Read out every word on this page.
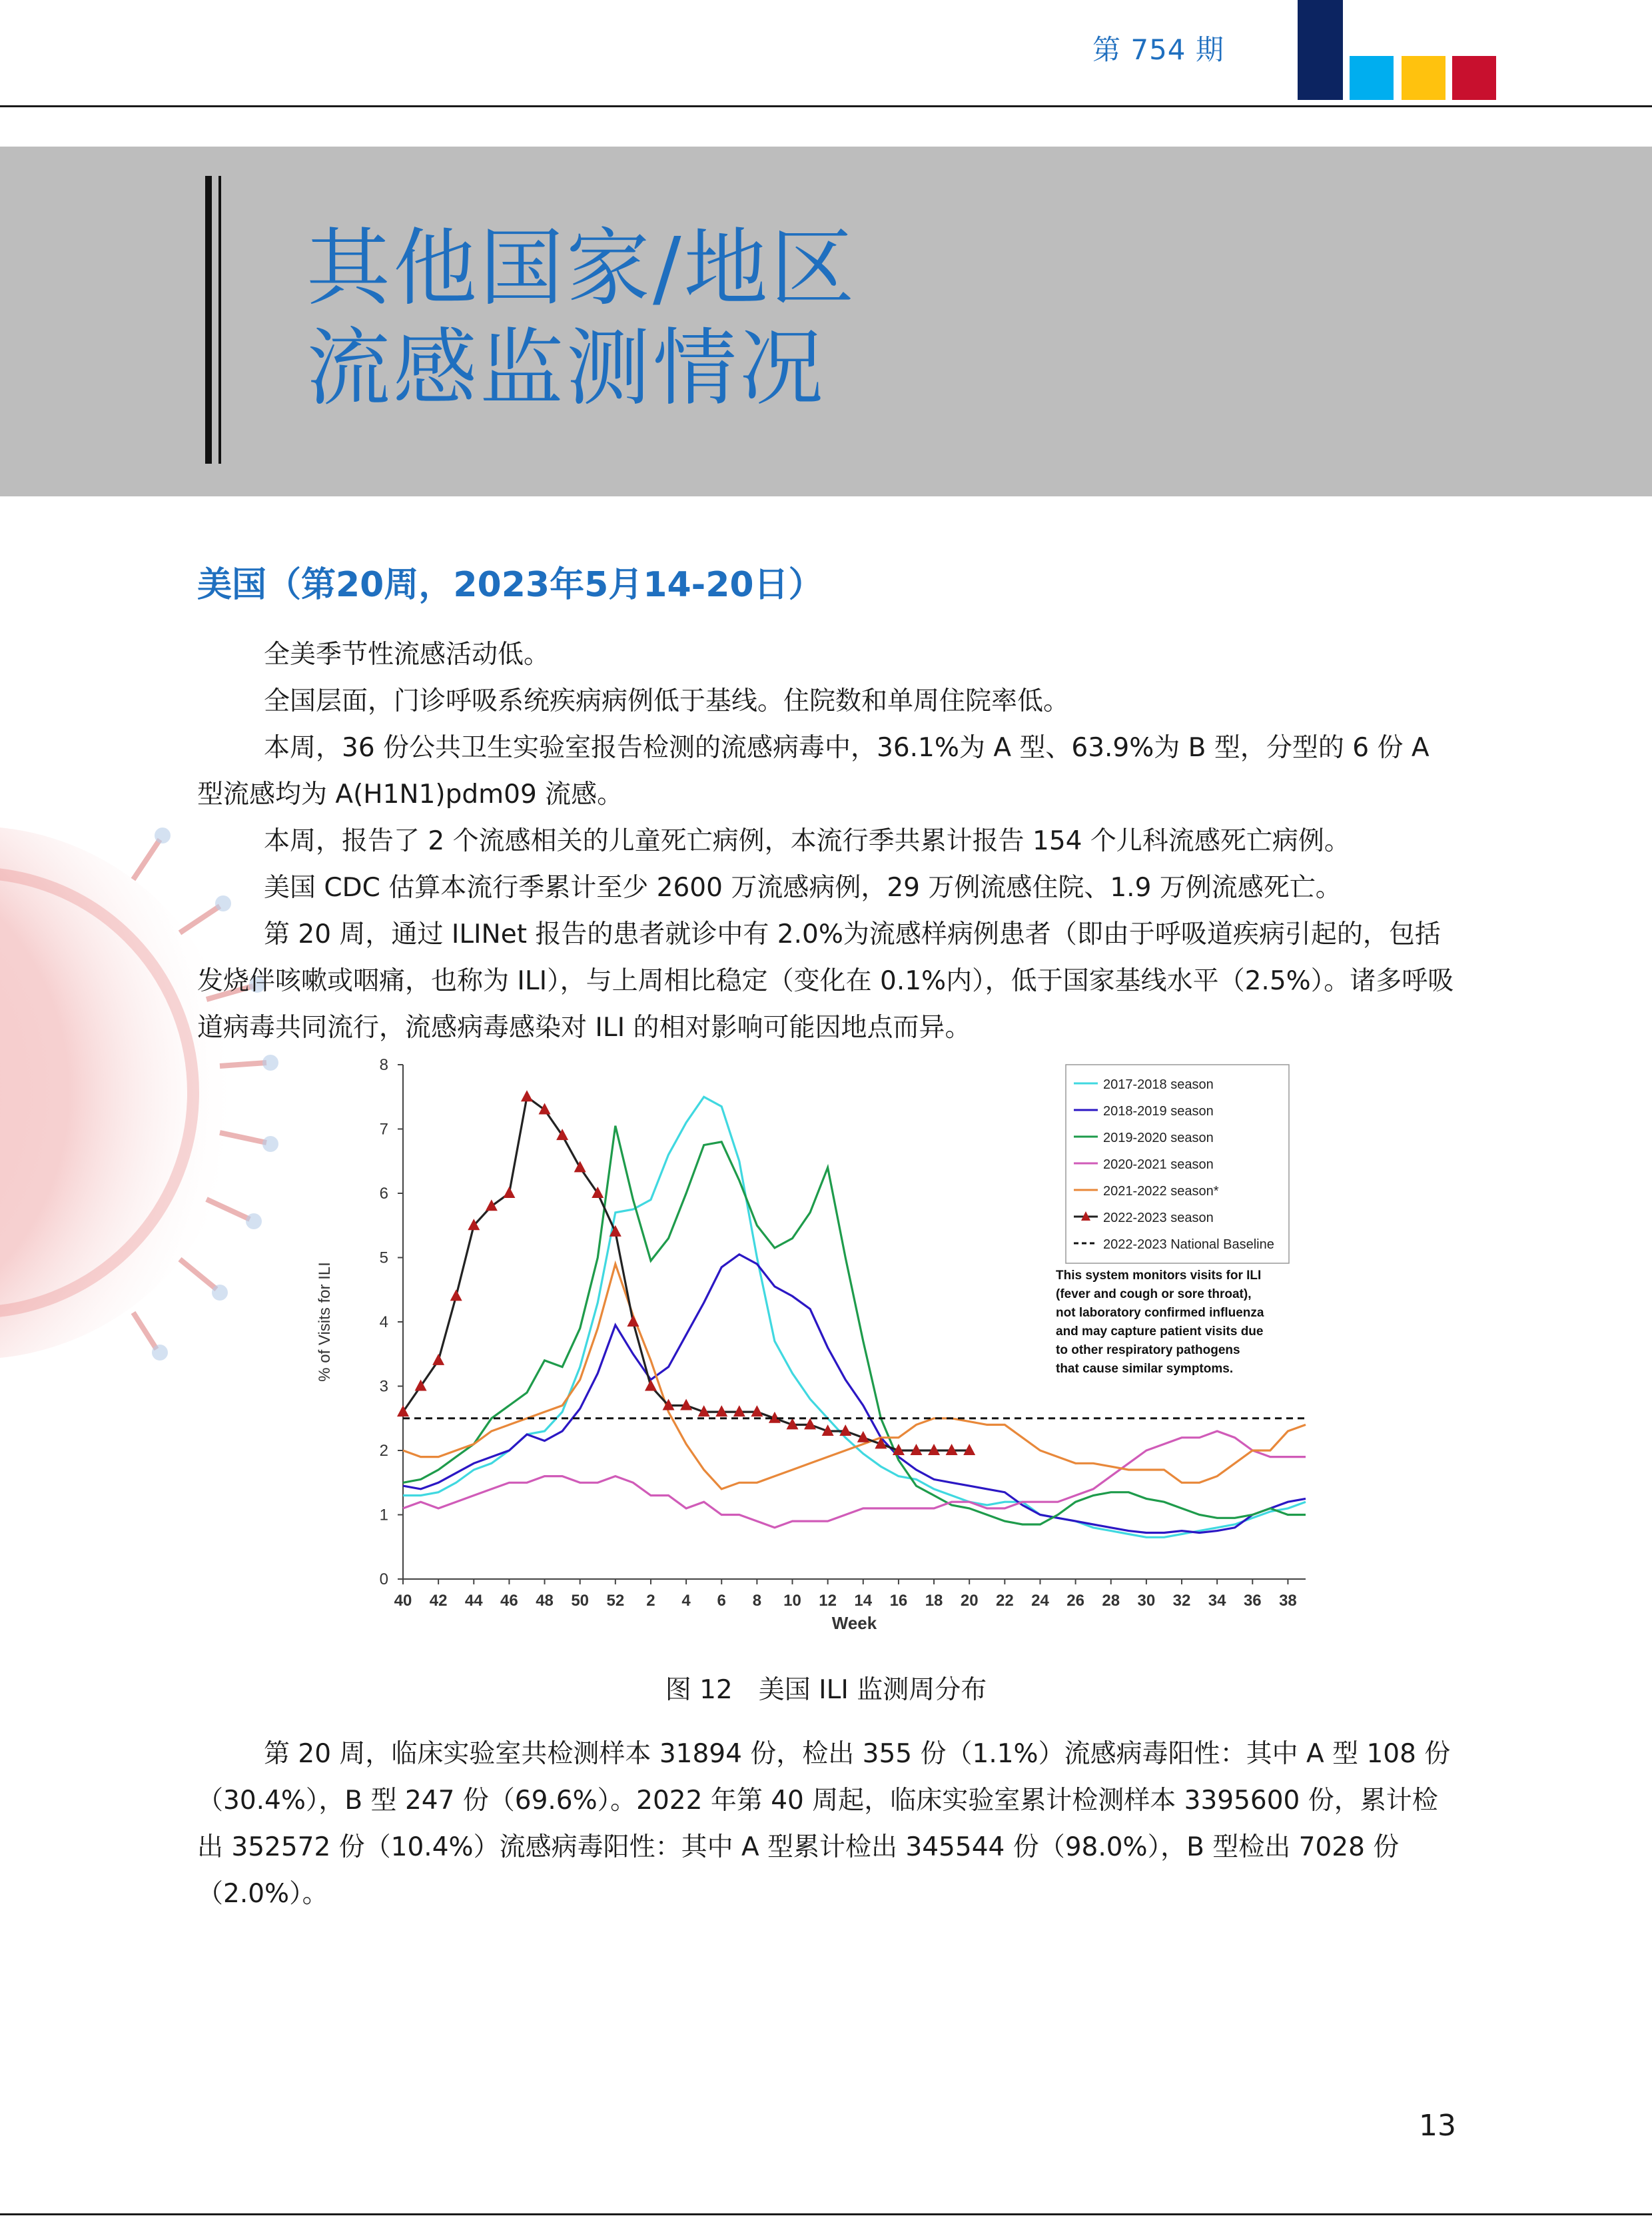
第 754 期
其他国家/地区
流感监测情况
美国（第20周，2023年5月14-20日）

全美季节性流感活动低。

全国层面，门诊呼吸系统疾病病例低于基线。住院数和单周住院率低。

本周，36 份公共卫生实验室报告检测的流感病毒中，36.1%为 A 型、63.9%为 B 型，分型的 6 份 A 型流感均为 A(H1N1)pdm09 流感。

本周，报告了 2 个流感相关的儿童死亡病例，本流行季共累计报告 154 个儿科流感死亡病例。

美国 CDC 估算本流行季累计至少 2600 万流感病例，29 万例流感住院、1.9 万例流感死亡。

第 20 周，通过 ILINet 报告的患者就诊中有 2.0%为流感样病例患者（即由于呼吸道疾病引起的，包括发烧伴咳嗽或咽痛，也称为 ILI），与上周相比稳定（变化在 0.1%内），低于国家基线水平（2.5%）。诸多呼吸道病毒共同流行，流感病毒感染对 ILI 的相对影响可能因地点而异。

0
1
2
3
4
5
6
7
8
40 42 44 46 48 50 52 2 4 6 8 10 12 14 16 18 20 22 24 26 28 30 32 34 36 38
Week
% of Visits for ILI
2017-2018 season
2018-2019 season
2019-2020 season
2020-2021 season
2021-2022 season*
2022-2023 season
2022-2023 National Baseline
This system monitors visits for ILI
(fever and cough or sore throat),
not laboratory confirmed influenza
and may capture patient visits due
to other respiratory pathogens
that cause similar symptoms.
图 12　美国 ILI 监测周分布

第 20 周，临床实验室共检测样本 31894 份，检出 355 份（1.1%）流感病毒阳性：其中 A 型 108 份（30.4%），B 型 247 份（69.6%）。2022 年第 40 周起，临床实验室累计检测样本 3395600 份，累计检出 352572 份（10.4%）流感病毒阳性：其中 A 型累计检出 345544 份（98.0%），B 型检出 7028 份（2.0%）。

13
